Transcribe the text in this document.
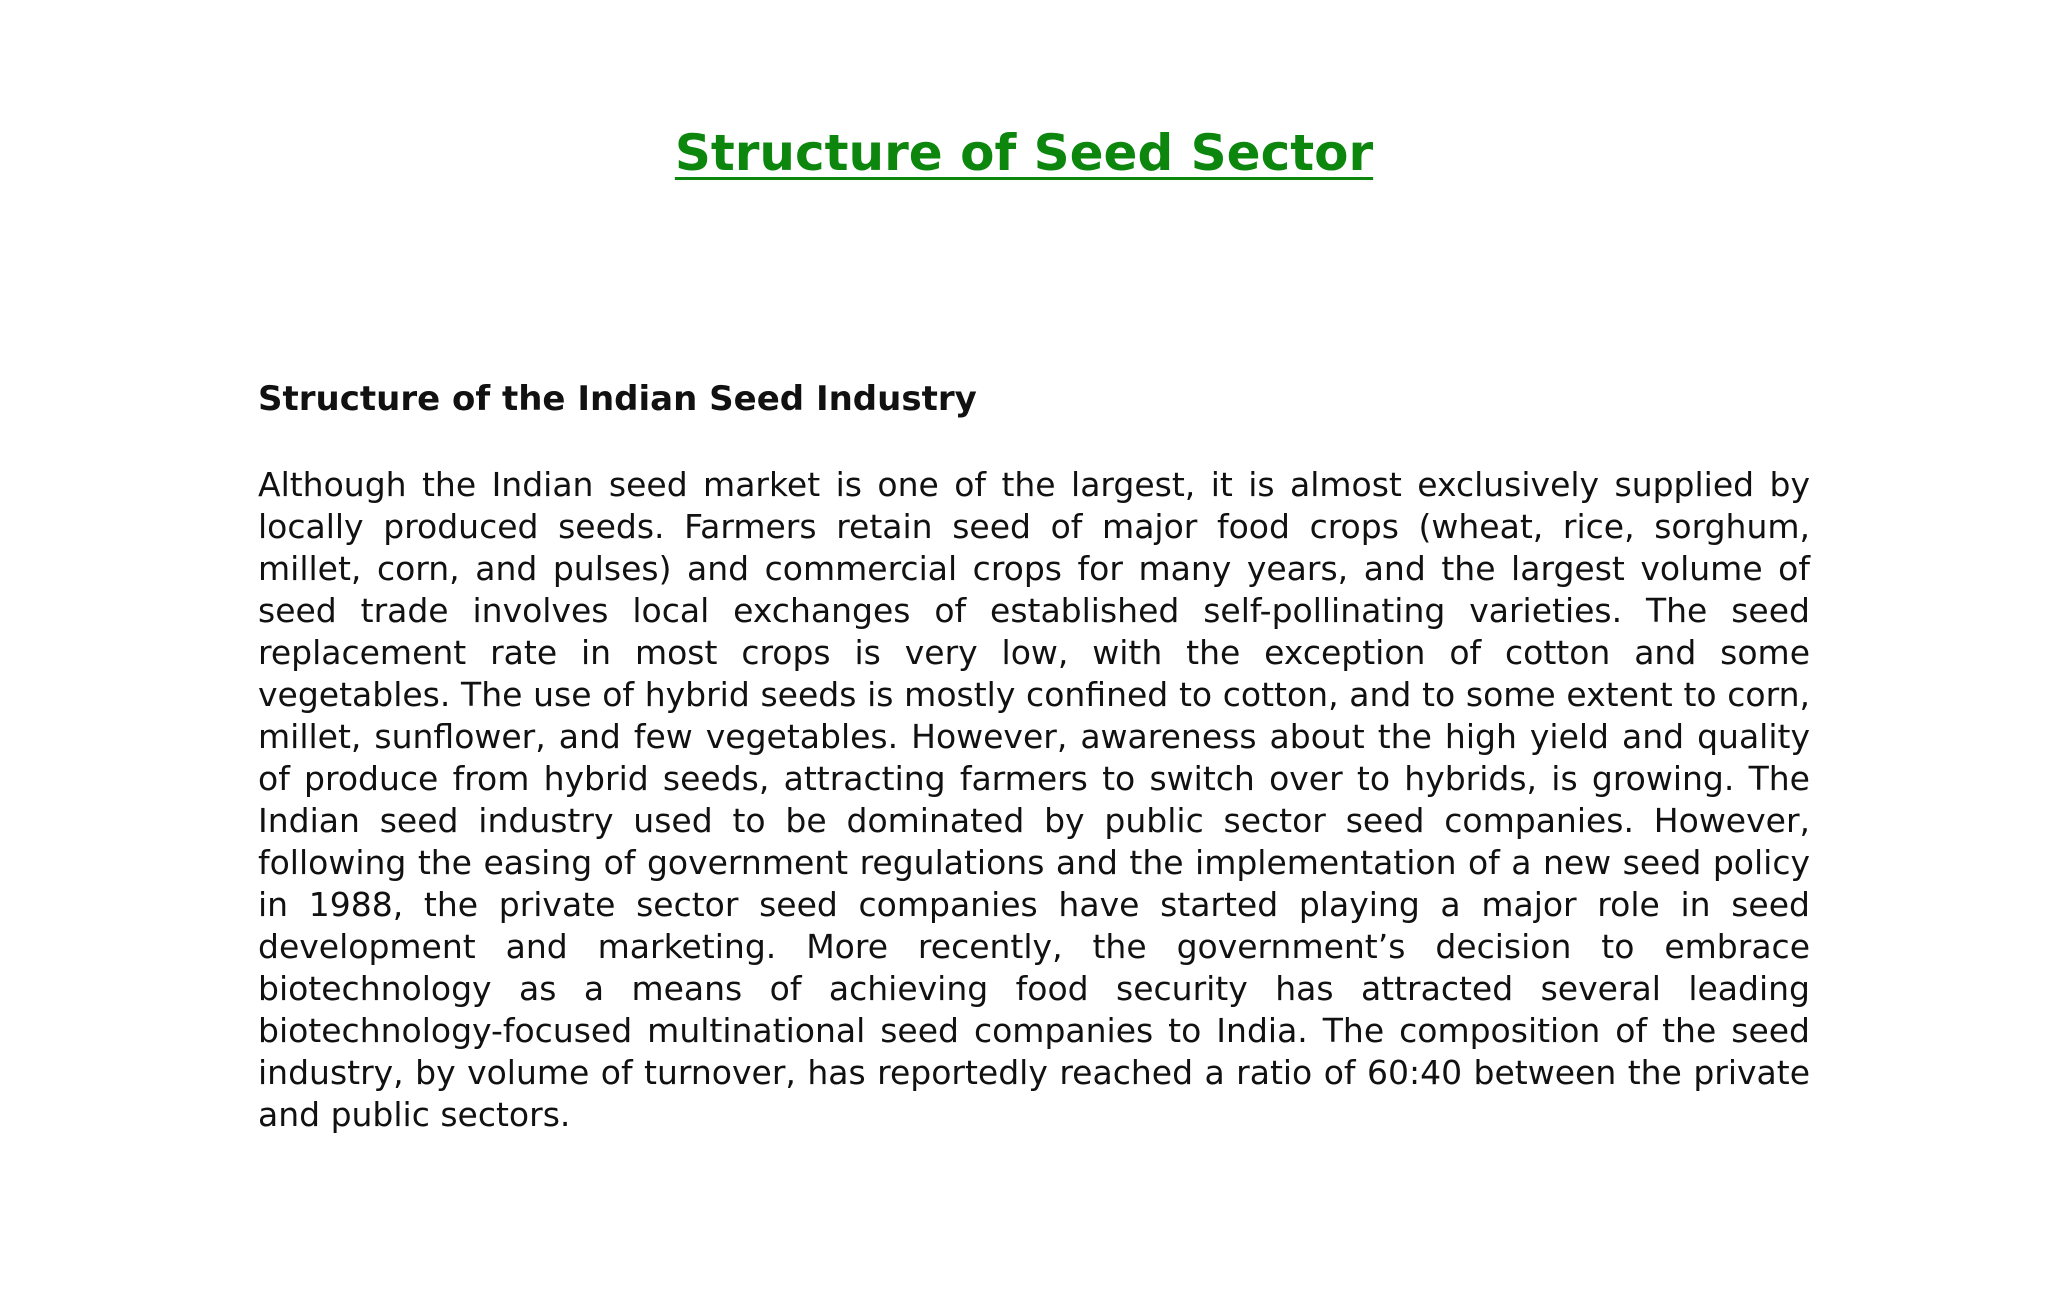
Structure of Seed Sector
Structure of the Indian Seed Industry

Although the Indian seed market is one of the largest, it is almost exclusively supplied by locally produced seeds. Farmers retain seed of major food crops (wheat, rice, sorghum, millet, corn, and pulses) and commercial crops for many years, and the largest volume of seed trade involves local exchanges of established self-pollinating varieties. The seed replacement rate in most crops is very low, with the exception of cotton and some vegetables. The use of hybrid seeds is mostly confined to cotton, and to some extent to corn, millet, sunflower, and few vegetables. However, awareness about the high yield and quality of produce from hybrid seeds, attracting farmers to switch over to hybrids, is growing. The Indian seed industry used to be dominated by public sector seed companies. However, following the easing of government regulations and the implementation of a new seed policy in 1988, the private sector seed companies have started playing a major role in seed development and marketing. More recently, the government’s decision to embrace biotechnology as a means of achieving food security has attracted several leading biotechnology-focused multinational seed companies to India. The composition of the seed industry, by volume of turnover, has reportedly reached a ratio of 60:40 between the private and public sectors.
